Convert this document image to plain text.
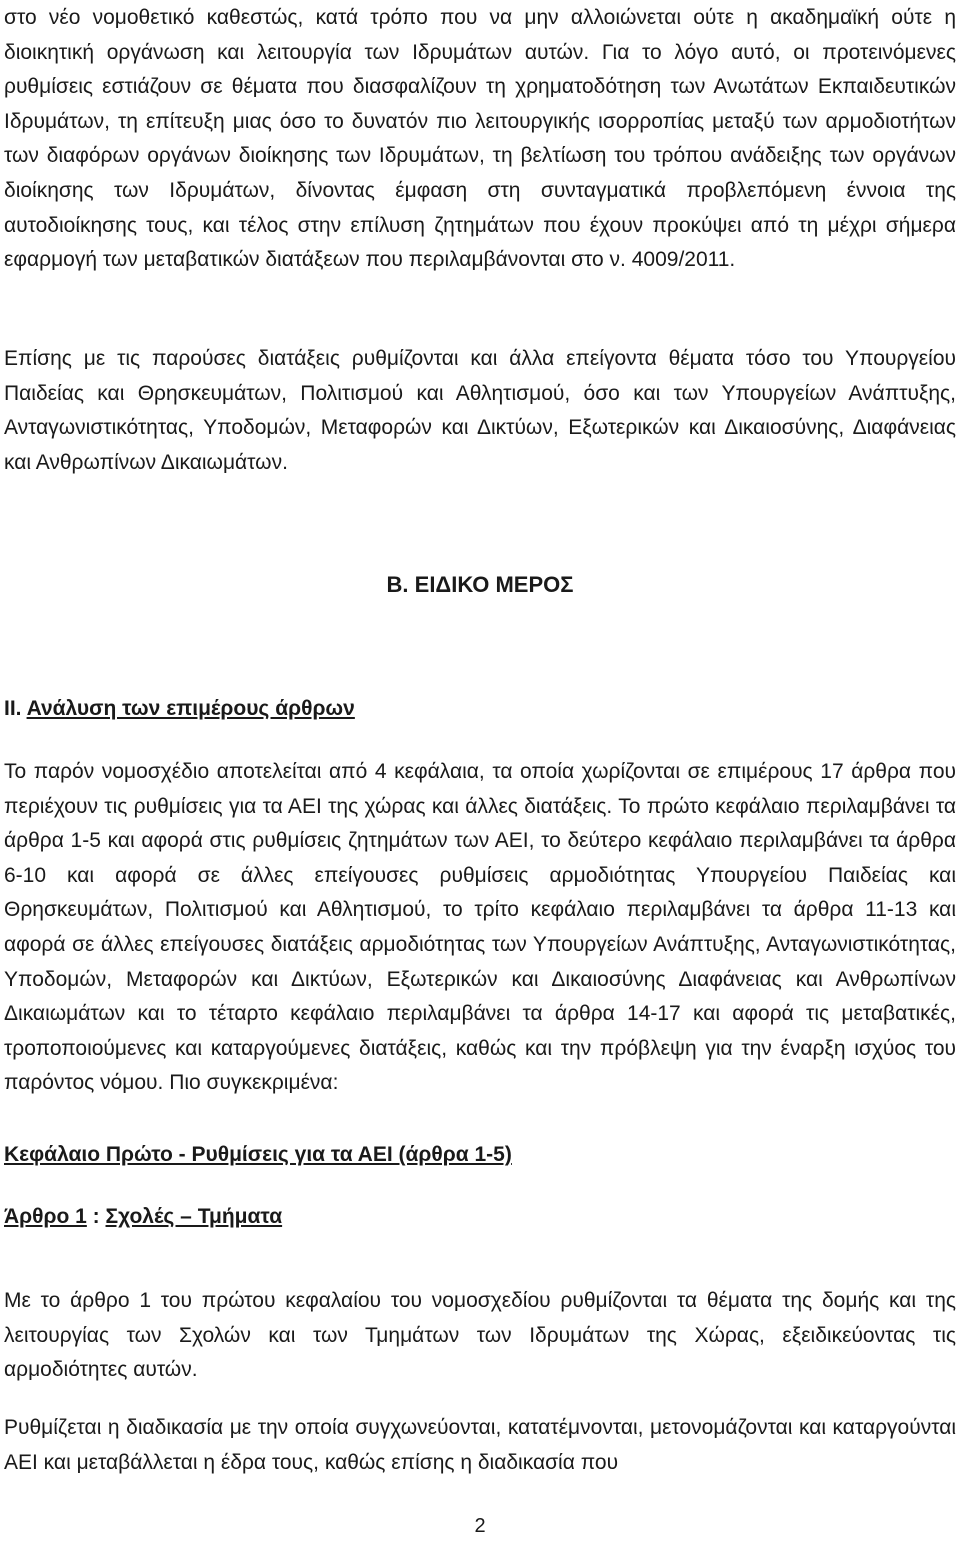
στο νέο νομοθετικό καθεστώς, κατά τρόπο που να μην αλλοιώνεται ούτε η ακαδημαϊκή ούτε η διοικητική οργάνωση και λειτουργία των Ιδρυμάτων αυτών. Για το λόγο αυτό, οι προτεινόμενες ρυθμίσεις εστιάζουν σε θέματα που διασφαλίζουν τη χρηματοδότηση των Ανωτάτων Εκπαιδευτικών Ιδρυμάτων, τη επίτευξη μιας όσο το δυνατόν πιο λειτουργικής ισορροπίας μεταξύ των αρμοδιοτήτων των διαφόρων οργάνων διοίκησης των Ιδρυμάτων, τη βελτίωση του τρόπου ανάδειξης των οργάνων διοίκησης των Ιδρυμάτων, δίνοντας έμφαση στη συνταγματικά προβλεπόμενη έννοια της αυτοδιοίκησης τους, και τέλος στην επίλυση ζητημάτων που έχουν προκύψει από τη μέχρι σήμερα εφαρμογή των μεταβατικών διατάξεων που περιλαμβάνονται στο ν. 4009/2011.

Επίσης με τις παρούσες διατάξεις ρυθμίζονται και άλλα επείγοντα θέματα τόσο του Υπουργείου Παιδείας και Θρησκευμάτων, Πολιτισμού και Αθλητισμού, όσο και των Υπουργείων Ανάπτυξης, Ανταγωνιστικότητας, Υποδομών, Μεταφορών και Δικτύων, Εξωτερικών και Δικαιοσύνης, Διαφάνειας και Ανθρωπίνων Δικαιωμάτων.

Β. ΕΙΔΙΚΟ ΜΕΡΟΣ
ΙΙ. Ανάλυση των επιμέρους άρθρων

Το παρόν νομοσχέδιο αποτελείται από 4 κεφάλαια, τα οποία χωρίζονται σε επιμέρους 17 άρθρα που περιέχουν τις ρυθμίσεις για τα ΑΕΙ της χώρας και άλλες διατάξεις. Το πρώτο κεφάλαιο περιλαμβάνει τα άρθρα 1-5 και αφορά στις ρυθμίσεις ζητημάτων των ΑΕΙ, το δεύτερο κεφάλαιο περιλαμβάνει τα άρθρα 6-10 και αφορά σε άλλες επείγουσες ρυθμίσεις αρμοδιότητας Υπουργείου Παιδείας και Θρησκευμάτων, Πολιτισμού και Αθλητισμού, το τρίτο κεφάλαιο περιλαμβάνει τα άρθρα 11-13 και αφορά σε άλλες επείγουσες διατάξεις αρμοδιότητας των Υπουργείων Ανάπτυξης, Ανταγωνιστικότητας, Υποδομών, Μεταφορών και Δικτύων, Εξωτερικών και Δικαιοσύνης Διαφάνειας και Ανθρωπίνων Δικαιωμάτων και το τέταρτο κεφάλαιο περιλαμβάνει τα άρθρα 14-17 και αφορά τις μεταβατικές, τροποποιούμενες και καταργούμενες διατάξεις, καθώς και την πρόβλεψη για την έναρξη ισχύος του παρόντος νόμου. Πιο συγκεκριμένα:

Κεφάλαιο Πρώτο - Ρυθμίσεις για τα ΑΕΙ (άρθρα 1-5)
Άρθρο 1 : Σχολές – Τμήματα

Με το άρθρο 1 του πρώτου κεφαλαίου του νομοσχεδίου ρυθμίζονται τα θέματα της δομής και της λειτουργίας των Σχολών και των Τμημάτων των Ιδρυμάτων της Χώρας, εξειδικεύοντας τις αρμοδιότητες αυτών.

Ρυθμίζεται η διαδικασία με την οποία συγχωνεύονται, κατατέμνονται, μετονομάζονται και καταργούνται ΑΕΙ και μεταβάλλεται η έδρα τους, καθώς επίσης η διαδικασία που

2
